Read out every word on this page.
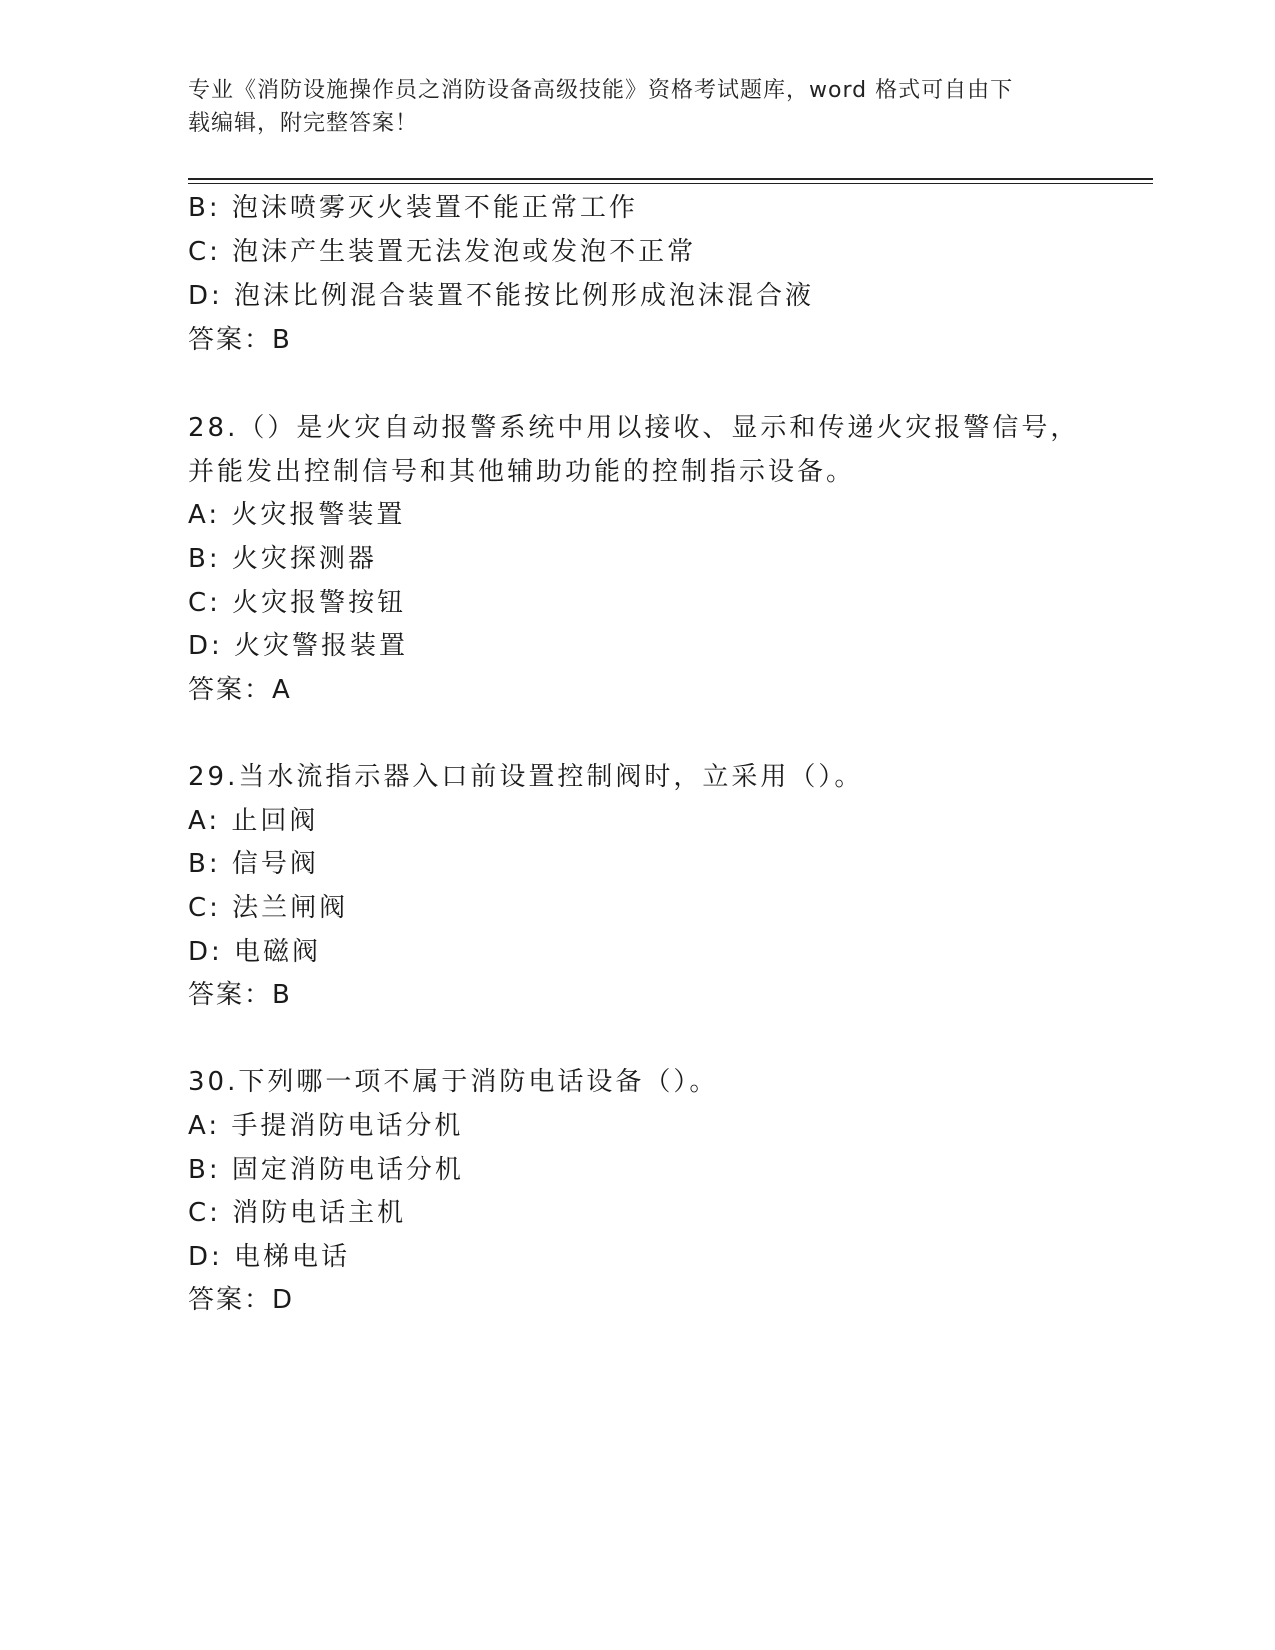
专业《消防设施操作员之消防设备高级技能》资格考试题库，word 格式可自由下
载编辑，附完整答案！
B: 泡沫喷雾灭火装置不能正常工作
C: 泡沫产生装置无法发泡或发泡不正常
D: 泡沫比例混合装置不能按比例形成泡沫混合液
答案：B
28.（）是火灾自动报警系统中用以接收、显示和传递火灾报警信号，
并能发出控制信号和其他辅助功能的控制指示设备。
A: 火灾报警装置
B: 火灾探测器
C: 火灾报警按钮
D: 火灾警报装置
答案：A
29.当水流指示器入口前设置控制阀时，立采用（）。
A: 止回阀
B: 信号阀
C: 法兰闸阀
D: 电磁阀
答案：B
30.下列哪一项不属于消防电话设备（）。
A: 手提消防电话分机
B: 固定消防电话分机
C: 消防电话主机
D: 电梯电话
答案：D
